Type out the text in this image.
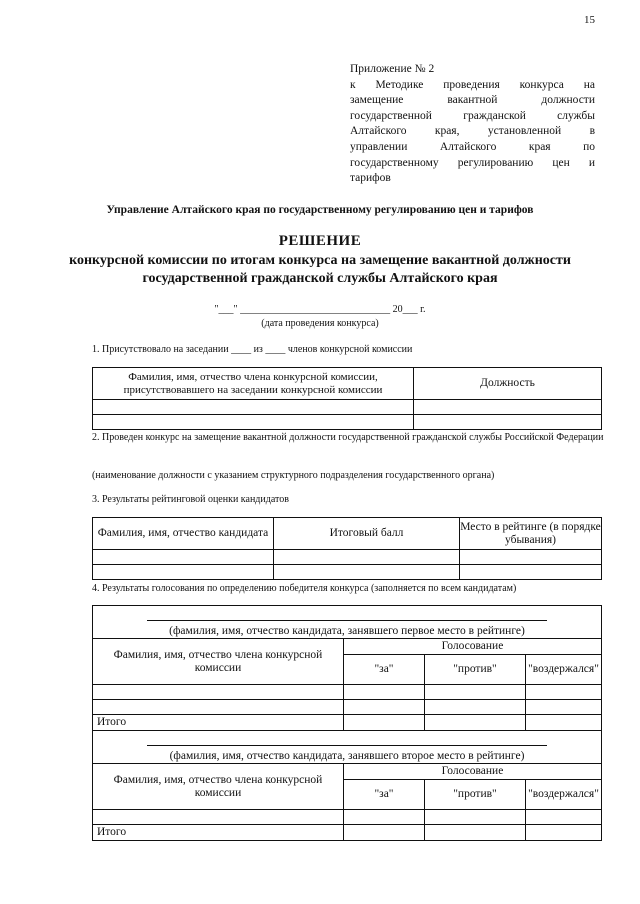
15
Приложение № 2
к Методике проведения конкурса на
замещение вакантной должности
государственной гражданской службы
Алтайского края, установленной в
управлении Алтайского края по
государственному регулированию цен и
тарифов
Управление Алтайского края по государственному регулированию цен и тарифов
РЕШЕНИЕ
конкурсной комиссии по итогам конкурса на замещение вакантной должности государственной гражданской службы Алтайского края
"___" ______________________________ 20___ г.
(дата проведения конкурса)
1. Присутствовало на заседании ____ из ____ членов конкурсной комиссии
Фамилия, имя, отчество члена конкурсной комиссии, присутствовавшего на заседании конкурсной комиссии	Должность

2. Проведен конкурс на замещение вакантной должности государственной гражданской службы Российской Федерации
(наименование должности с указанием структурного подразделения государственного органа)
3. Результаты рейтинговой оценки кандидатов
Фамилия, имя, отчество кандидата	Итоговый балл	Место в рейтинге (в порядке убывания)

4. Результаты голосования по определению победителя конкурса (заполняется по всем кандидатам)

(фамилия, имя, отчество кандидата, занявшего первое место в рейтинге)			
Фамилия, имя, отчество члена конкурсной комиссии	Голосование		
	"за"	"против"	"воздержался"

Итого			

(фамилия, имя, отчество кандидата, занявшего второе место в рейтинге)			
Фамилия, имя, отчество члена конкурсной комиссии	Голосование		
	"за"	"против"	"воздержался"

Итого			
